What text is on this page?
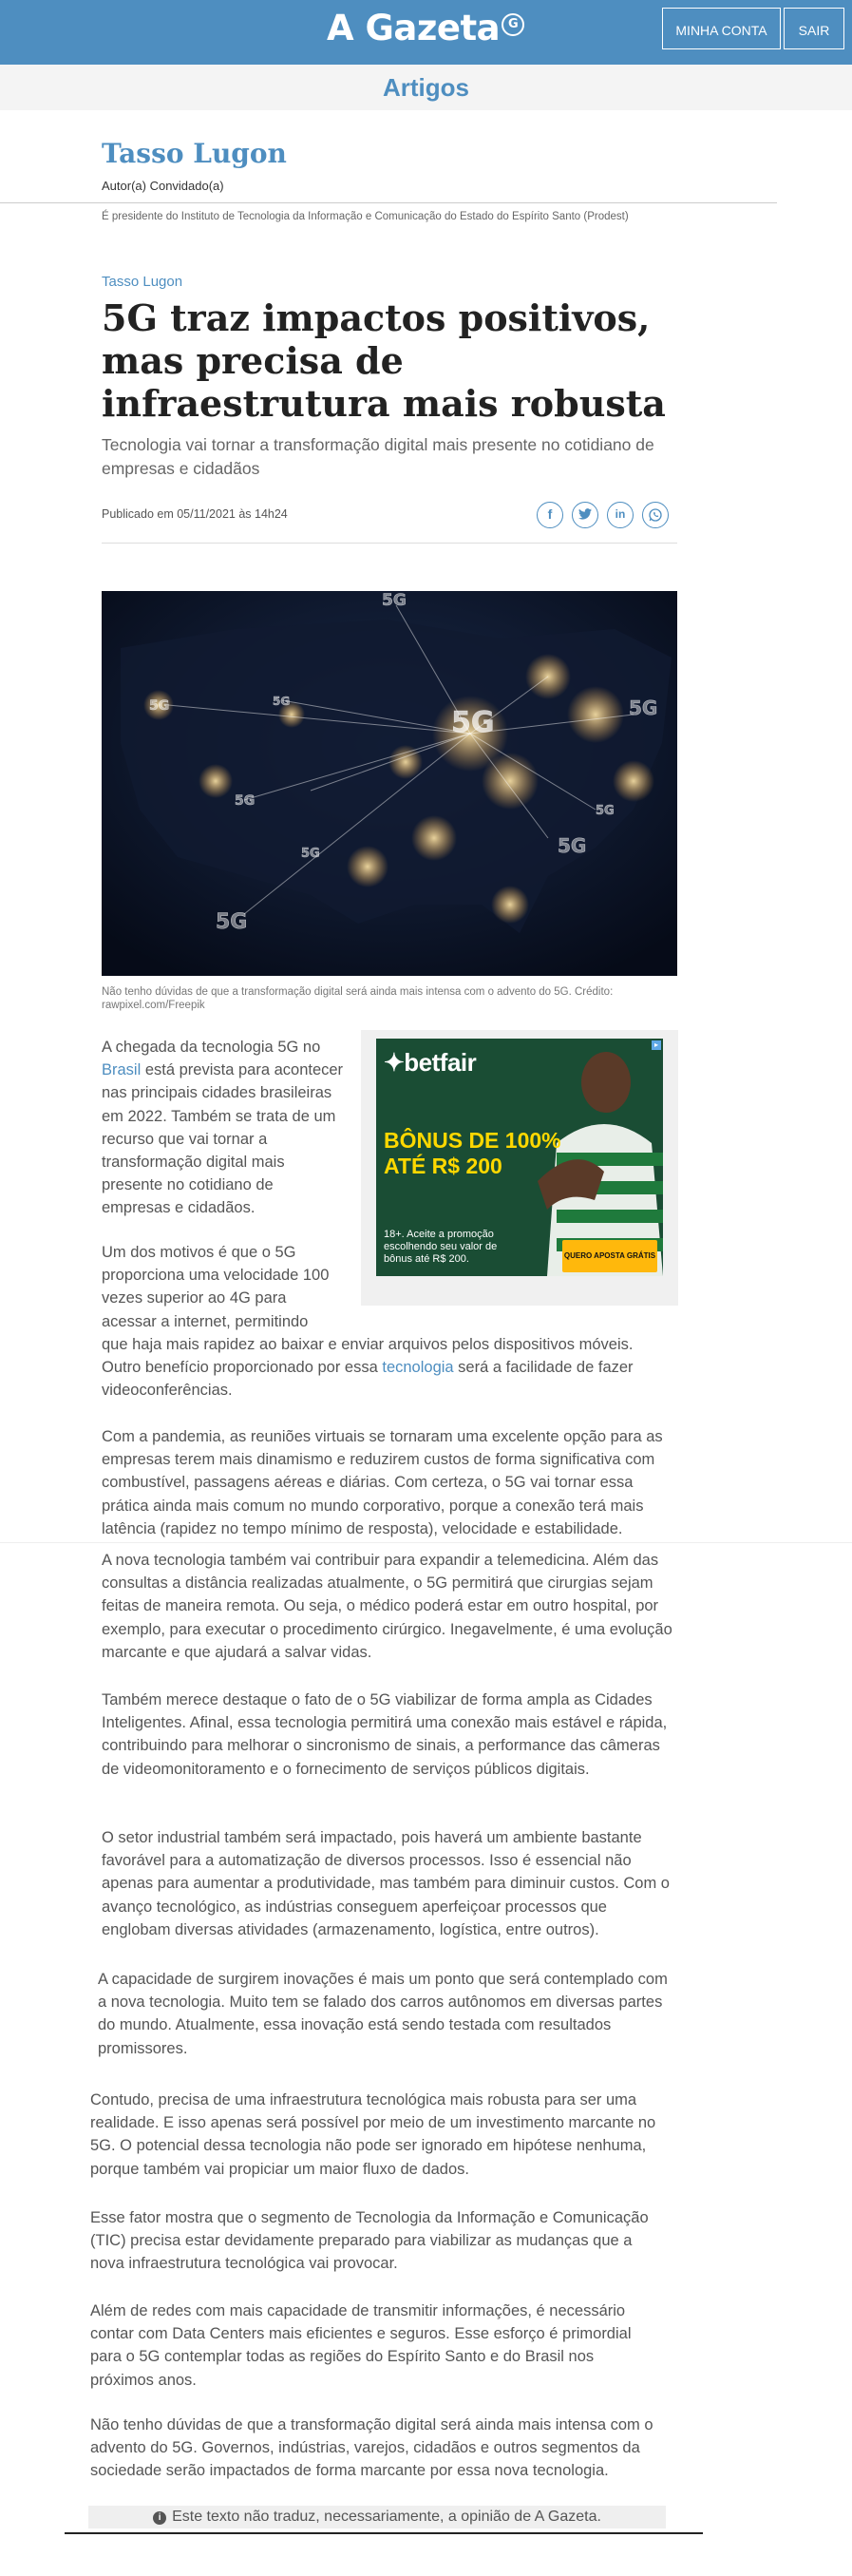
A Gazeta G	MINHA CONTA	SAIR
Artigos
Tasso Lugon
Autor(a) Convidado(a)
É presidente do Instituto de Tecnologia da Informação e Comunicação do Estado do Espírito Santo (Prodest)
Tasso Lugon
5G traz impactos positivos, mas precisa de infraestrutura mais robusta

Tecnologia vai tornar a transformação digital mais presente no cotidiano de empresas e cidadãos

Publicado em 05/11/2021 às 14h24	f	in
5G
5G
5G
5G
5G
5G
5G
5G
5G
5G

Não tenho dúvidas de que a transformação digital será ainda mais intensa com o advento do 5G. Crédito: rawpixel.com/Freepik

▸
✦betfair

BÔNUS DE 100% ATÉ R$ 200

18+. Aceite a promoção escolhendo seu valor de bônus até R$ 200.	QUERO APOSTA GRÁTIS

A chegada da tecnologia 5G no Brasil está prevista para acontecer nas principais cidades brasileiras em 2022. Também se trata de um recurso que vai tornar a transformação digital mais presente no cotidiano de empresas e cidadãos.

Um dos motivos é que o 5G proporciona uma velocidade 100 vezes superior ao 4G para acessar a internet, permitindo

que haja mais rapidez ao baixar e enviar arquivos pelos dispositivos móveis. Outro benefício proporcionado por essa tecnologia será a facilidade de fazer videoconferências.

Com a pandemia, as reuniões virtuais se tornaram uma excelente opção para as empresas terem mais dinamismo e reduzirem custos de forma significativa com combustível, passagens aéreas e diárias. Com certeza, o 5G vai tornar essa prática ainda mais comum no mundo corporativo, porque a conexão terá mais latência (rapidez no tempo mínimo de resposta), velocidade e estabilidade.

A nova tecnologia também vai contribuir para expandir a telemedicina. Além das consultas a distância realizadas atualmente, o 5G permitirá que cirurgias sejam feitas de maneira remota. Ou seja, o médico poderá estar em outro hospital, por exemplo, para executar o procedimento cirúrgico. Inegavelmente, é uma evolução marcante e que ajudará a salvar vidas.

Também merece destaque o fato de o 5G viabilizar de forma ampla as Cidades Inteligentes. Afinal, essa tecnologia permitirá uma conexão mais estável e rápida, contribuindo para melhorar o sincronismo de sinais, a performance das câmeras de videomonitoramento e o fornecimento de serviços públicos digitais.

O setor industrial também será impactado, pois haverá um ambiente bastante favorável para a automatização de diversos processos. Isso é essencial não apenas para aumentar a produtividade, mas também para diminuir custos. Com o avanço tecnológico, as indústrias conseguem aperfeiçoar processos que englobam diversas atividades (armazenamento, logística, entre outros).

A capacidade de surgirem inovações é mais um ponto que será contemplado com a nova tecnologia. Muito tem se falado dos carros autônomos em diversas partes do mundo. Atualmente, essa inovação está sendo testada com resultados promissores.

Contudo, precisa de uma infraestrutura tecnológica mais robusta para ser uma realidade. E isso apenas será possível por meio de um investimento marcante no 5G. O potencial dessa tecnologia não pode ser ignorado em hipótese nenhuma, porque também vai propiciar um maior fluxo de dados.

Esse fator mostra que o segmento de Tecnologia da Informação e Comunicação (TIC) precisa estar devidamente preparado para viabilizar as mudanças que a nova infraestrutura tecnológica vai provocar.

Além de redes com mais capacidade de transmitir informações, é necessário contar com Data Centers mais eficientes e seguros. Esse esforço é primordial para o 5G contemplar todas as regiões do Espírito Santo e do Brasil nos próximos anos.

Não tenho dúvidas de que a transformação digital será ainda mais intensa com o advento do 5G. Governos, indústrias, varejos, cidadãos e outros segmentos da sociedade serão impactados de forma marcante por essa nova tecnologia.

i Este texto não traduz, necessariamente, a opinião de A Gazeta.
